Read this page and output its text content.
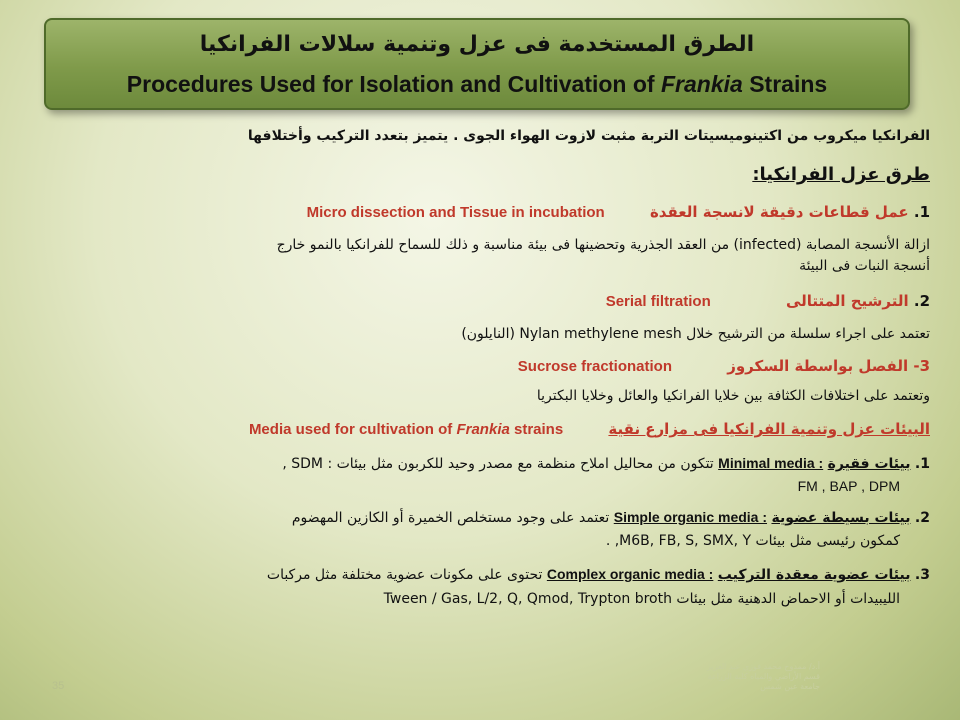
الطرق المستخدمة فى عزل وتنمية سلالات الفرانكيا
Procedures Used for Isolation and Cultivation of Frankia Strains
الفرانكيا ميكروب من اكتينوميسيتات التربة مثبت لازوت الهواء الجوى . يتميز بتعدد التركيب وأختلافها
طرق عزل الفرانكيا:
1. عمل قطاعات دقيقة لانسجة العقدة Micro dissection and Tissue in incubation
ازالة الأنسجة المصابة (infected) من العقد الجذرية وتحضينها فى بيئة مناسبة و ذلك للسماح للفرانكيا بالنمو خارج
أنسجة النبات فى البيئة
2. الترشيح المتتالى Serial filtration
تعتمد على اجراء سلسلة من الترشيح خلال Nylan methylene mesh (النايلون)
3- الفصل بواسطة السكروز Sucrose fractionation
وتعتمد على اختلافات الكثافة بين خلايا الفرانكيا والعائل وخلايا البكتريا
البيئات عزل وتنمية الفرانكيا فى مزارع نقية Media used for cultivation of Frankia strains
1. بيئات فقيرة Minimal media : تتكون من محاليل املاح منظمة مع مصدر وحيد للكربون مثل بيئات : SDM ,
FM , BAP , DPM
2. بيئات بسيطة عضوية Simple organic media : تعتمد على وجود مستخلص الخميرة أو الكازين المهضوم
كمكون رئيسى مثل بيئات M6B, FB, S, SMX, Y, .
3. بيئات عضوية معقدة التركيب Complex organic media : تحتوى على مكونات عضوية مختلفة مثل مركبات
الليبيدات أو الاحماض الدهنية مثل بيئات Tween / Gas, L/2, Q, Qmod, Trypton broth
35
أ.د/ ممدوح محمد فوزي عبد العزيز قسم الأراضي والمياه كلية الزراعة جامعة عين شمس
